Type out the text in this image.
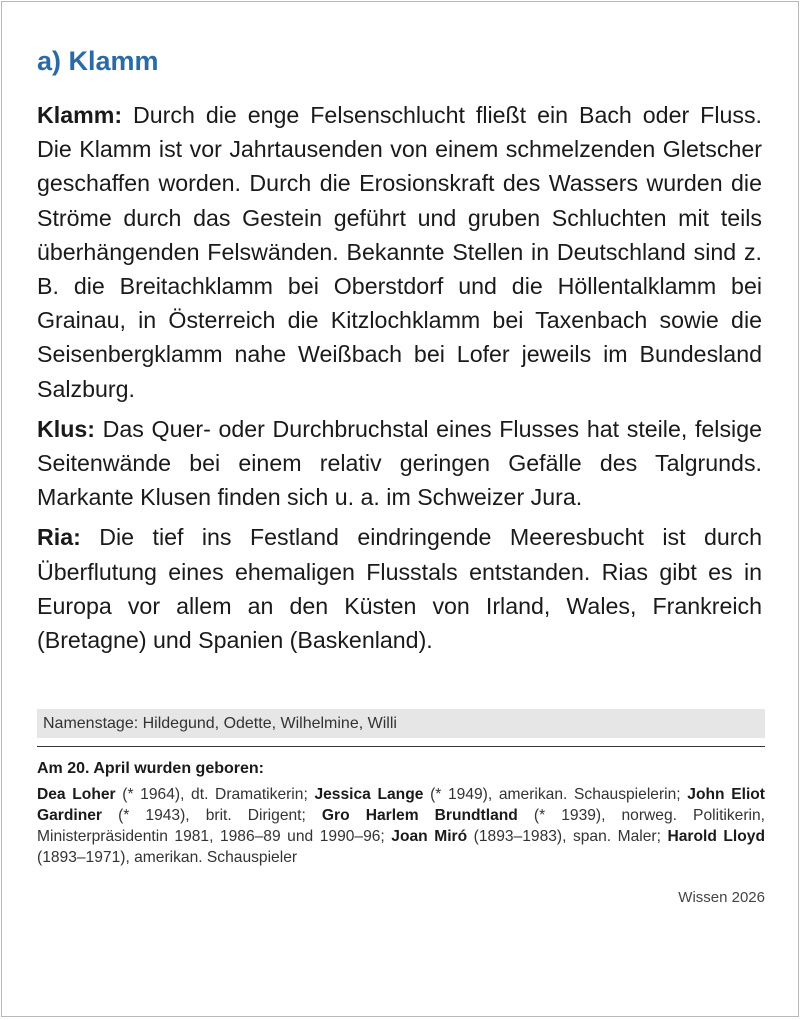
a) Klamm

Klamm: Durch die enge Felsenschlucht fließt ein Bach oder Fluss. Die Klamm ist vor Jahrtausenden von einem schmelzenden Gletscher geschaffen worden. Durch die Erosionskraft des Wassers wurden die Ströme durch das Gestein geführt und gruben Schluchten mit teils überhängenden Felswänden. Bekannte Stellen in Deutschland sind z. B. die Breitachklamm bei Oberstdorf und die Höllentalklamm bei Grainau, in Österreich die Kitzlochklamm bei Taxenbach sowie die Seisenbergklamm nahe Weißbach bei Lofer jeweils im Bundesland Salzburg.

Klus: Das Quer- oder Durchbruchstal eines Flusses hat steile, felsige Seitenwände bei einem relativ geringen Gefälle des Talgrunds. Markante Klusen finden sich u. a. im Schweizer Jura.

Ria: Die tief ins Festland eindringende Meeresbucht ist durch Überflutung eines ehemaligen Flusstals entstanden. Rias gibt es in Europa vor allem an den Küsten von Irland, Wales, Frankreich (Bretagne) und Spanien (Baskenland).

Namenstage: Hildegund, Odette, Wilhelmine, Willi

Am 20. April wurden geboren:

Dea Loher (* 1964), dt. Dramatikerin; Jessica Lange (* 1949), amerikan. Schauspielerin; John Eliot Gardiner (* 1943), brit. Dirigent; Gro Harlem Brundtland (* 1939), norweg. Politikerin, Ministerpräsidentin 1981, 1986–89 und 1990–96; Joan Miró (1893–1983), span. Maler; Harold Lloyd (1893–1971), amerikan. Schauspieler
Wissen 2026
